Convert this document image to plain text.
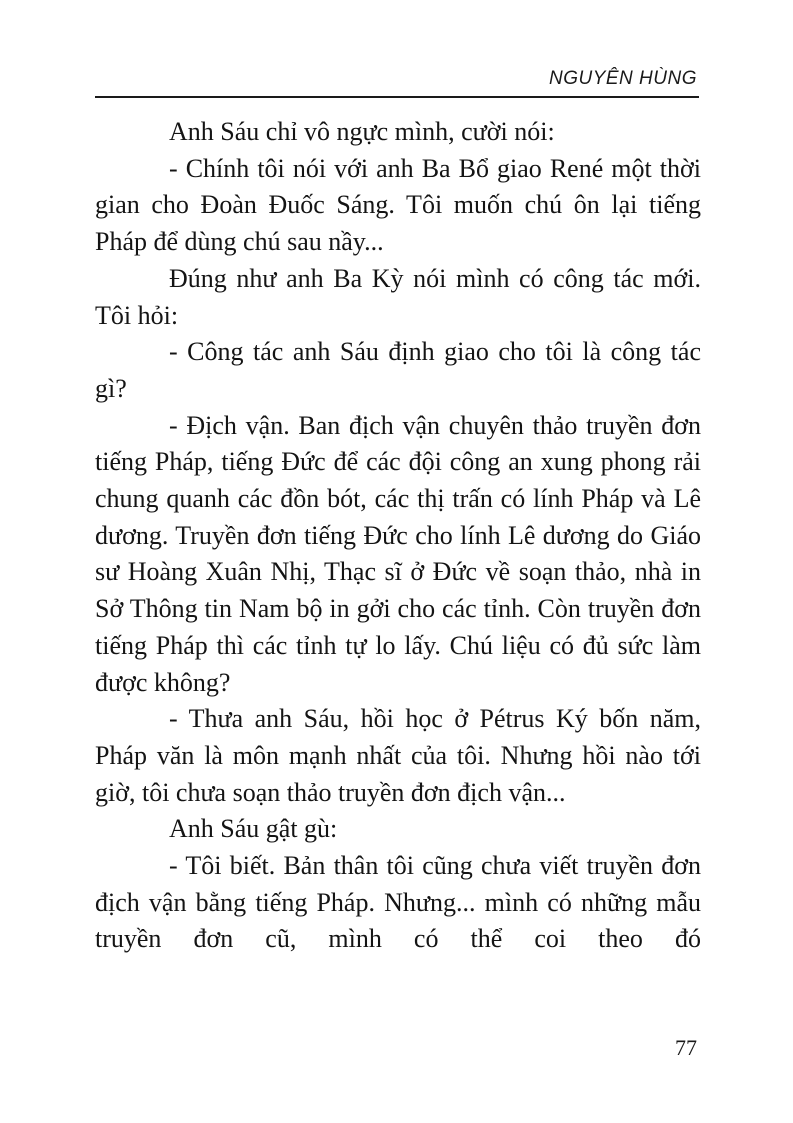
NGUYÊN HÙNG

Anh Sáu chỉ vô ngực mình, cười nói:

- Chính tôi nói với anh Ba Bổ giao René một thời gian cho Đoàn Đuốc Sáng. Tôi muốn chú ôn lại tiếng Pháp để dùng chú sau nầy...

Đúng như anh Ba Kỳ nói mình có công tác mới. Tôi hỏi:

- Công tác anh Sáu định giao cho tôi là công tác gì?

- Địch vận. Ban địch vận chuyên thảo truyền đơn tiếng Pháp, tiếng Đức để các đội công an xung phong rải chung quanh các đồn bót, các thị trấn có lính Pháp và Lê dương. Truyền đơn tiếng Đức cho lính Lê dương do Giáo sư Hoàng Xuân Nhị, Thạc sĩ ở Đức về soạn thảo, nhà in Sở Thông tin Nam bộ in gởi cho các tỉnh. Còn truyền đơn tiếng Pháp thì các tỉnh tự lo lấy. Chú liệu có đủ sức làm được không?

- Thưa anh Sáu, hồi học ở Pétrus Ký bốn năm, Pháp văn là môn mạnh nhất của tôi. Nhưng hồi nào tới giờ, tôi chưa soạn thảo truyền đơn địch vận...

Anh Sáu gật gù:

- Tôi biết. Bản thân tôi cũng chưa viết truyền đơn địch vận bằng tiếng Pháp. Nhưng... mình có những mẫu truyền đơn cũ, mình có thể coi theo đó

77
